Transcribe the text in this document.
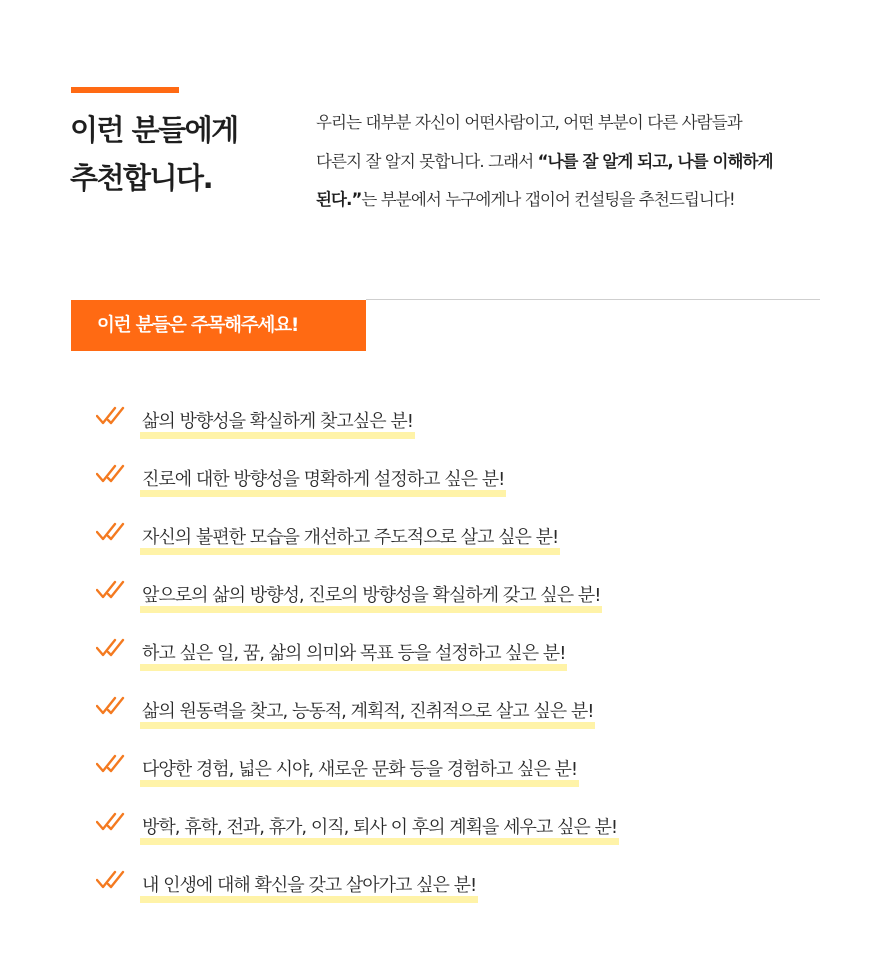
이런 분들에게
추천합니다.

우리는 대부분 자신이 어떤사람이고, 어떤 부분이 다른 사람들과
다른지 잘 알지 못합니다. 그래서 “나를 잘 알게 되고, 나를 이해하게
된다.”는 부분에서 누구에게나 갭이어 컨설팅을 추천드립니다!

이런 분들은 주목해주세요!
삶의 방향성을 확실하게 찾고싶은 분!
진로에 대한 방향성을 명확하게 설정하고 싶은 분!
자신의 불편한 모습을 개선하고 주도적으로 살고 싶은 분!
앞으로의 삶의 방향성, 진로의 방향성을 확실하게 갖고 싶은 분!
하고 싶은 일, 꿈, 삶의 의미와 목표 등을 설정하고 싶은 분!
삶의 원동력을 찾고, 능동적, 계획적, 진취적으로 살고 싶은 분!
다양한 경험, 넓은 시야, 새로운 문화 등을 경험하고 싶은 분!
방학, 휴학, 전과, 휴가, 이직, 퇴사 이 후의 계획을 세우고 싶은 분!
내 인생에 대해 확신을 갖고 살아가고 싶은 분!
